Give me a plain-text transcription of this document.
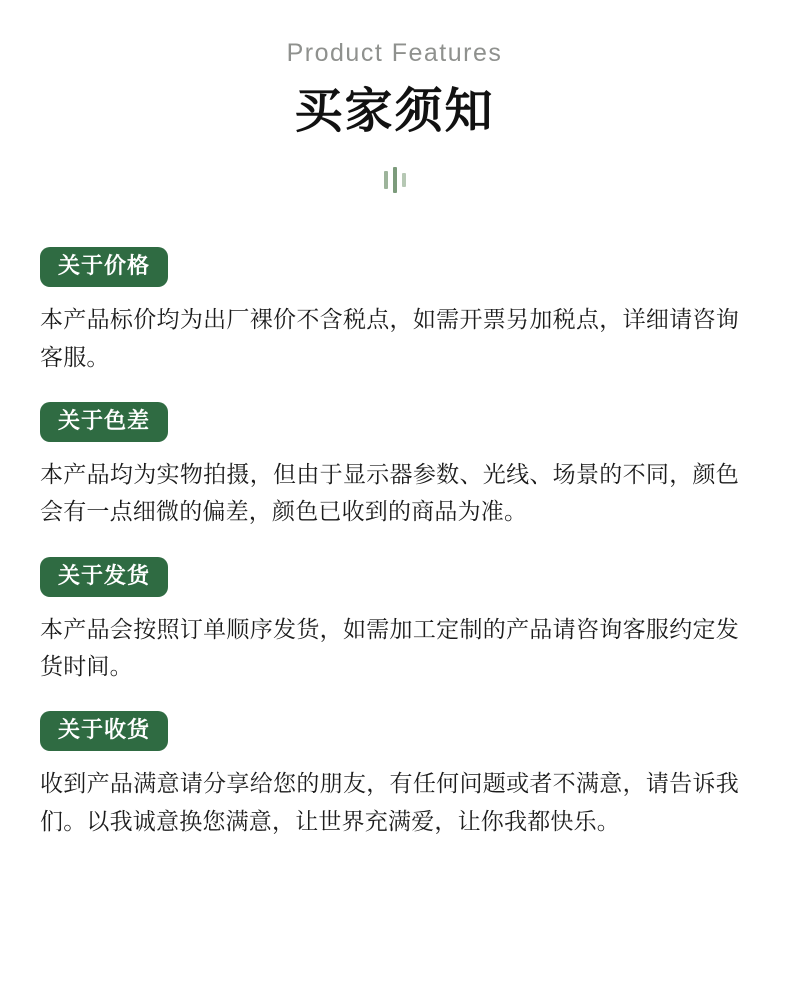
Product Features
买家须知
关于价格
本产品标价均为出厂裸价不含税点，如需开票另加税点，详细请咨询客服。
关于色差
本产品均为实物拍摄，但由于显示器参数、光线、场景的不同，颜色会有一点细微的偏差，颜色已收到的商品为准。
关于发货
本产品会按照订单顺序发货，如需加工定制的产品请咨询客服约定发货时间。
关于收货
收到产品满意请分享给您的朋友，有任何问题或者不满意，请告诉我们。以我诚意换您满意，让世界充满爱，让你我都快乐。
